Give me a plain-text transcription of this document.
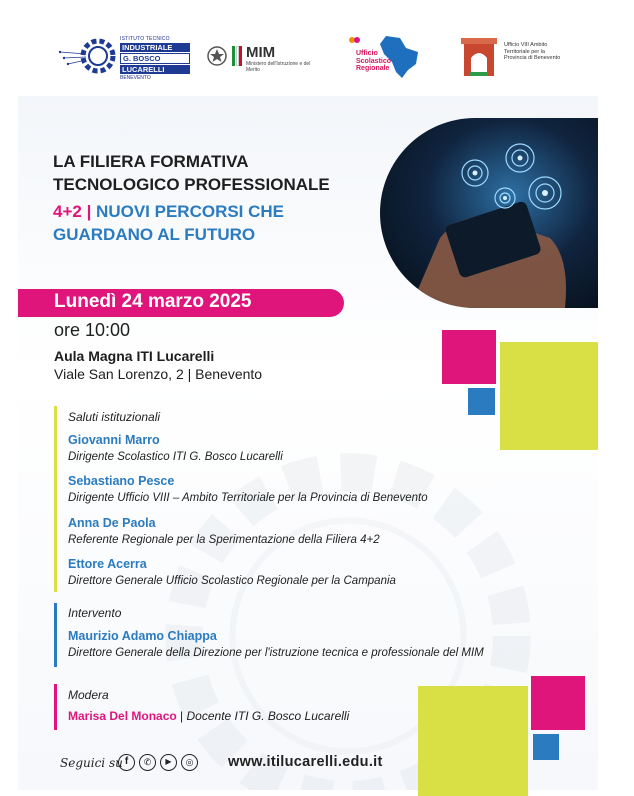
ISTITUTO TECNICO
INDUSTRIALE
G. BOSCO
LUCARELLI
BENEVENTO
MIM
Ministero dell'Istruzione e del Merito
Ufficio Scolastico Regionale
Ufficio VIII Ambito Territoriale per la Provincia di Benevento
LA FILIERA FORMATIVA
TECNOLOGICO PROFESSIONALE
4+2 | NUOVI PERCORSI CHE
GUARDANO AL FUTURO
Lunedì 24 marzo 2025
ore 10:00
Aula Magna ITI Lucarelli
Viale San Lorenzo, 2 | Benevento
Saluti istituzionali
Giovanni Marro
Dirigente Scolastico ITI G. Bosco Lucarelli
Sebastiano Pesce
Dirigente Ufficio VIII – Ambito Territoriale per la Provincia di Benevento
Anna De Paola
Referente Regionale per la Sperimentazione della Filiera 4+2
Ettore Acerra
Direttore Generale Ufficio Scolastico Regionale per la Campania
Intervento
Maurizio Adamo Chiappa
Direttore Generale della Direzione per l'istruzione tecnica e professionale del MIM
Modera
Marisa Del Monaco | Docente ITI G. Bosco Lucarelli
Seguici su f	✆	▶	◎	www.itilucarelli.edu.it
